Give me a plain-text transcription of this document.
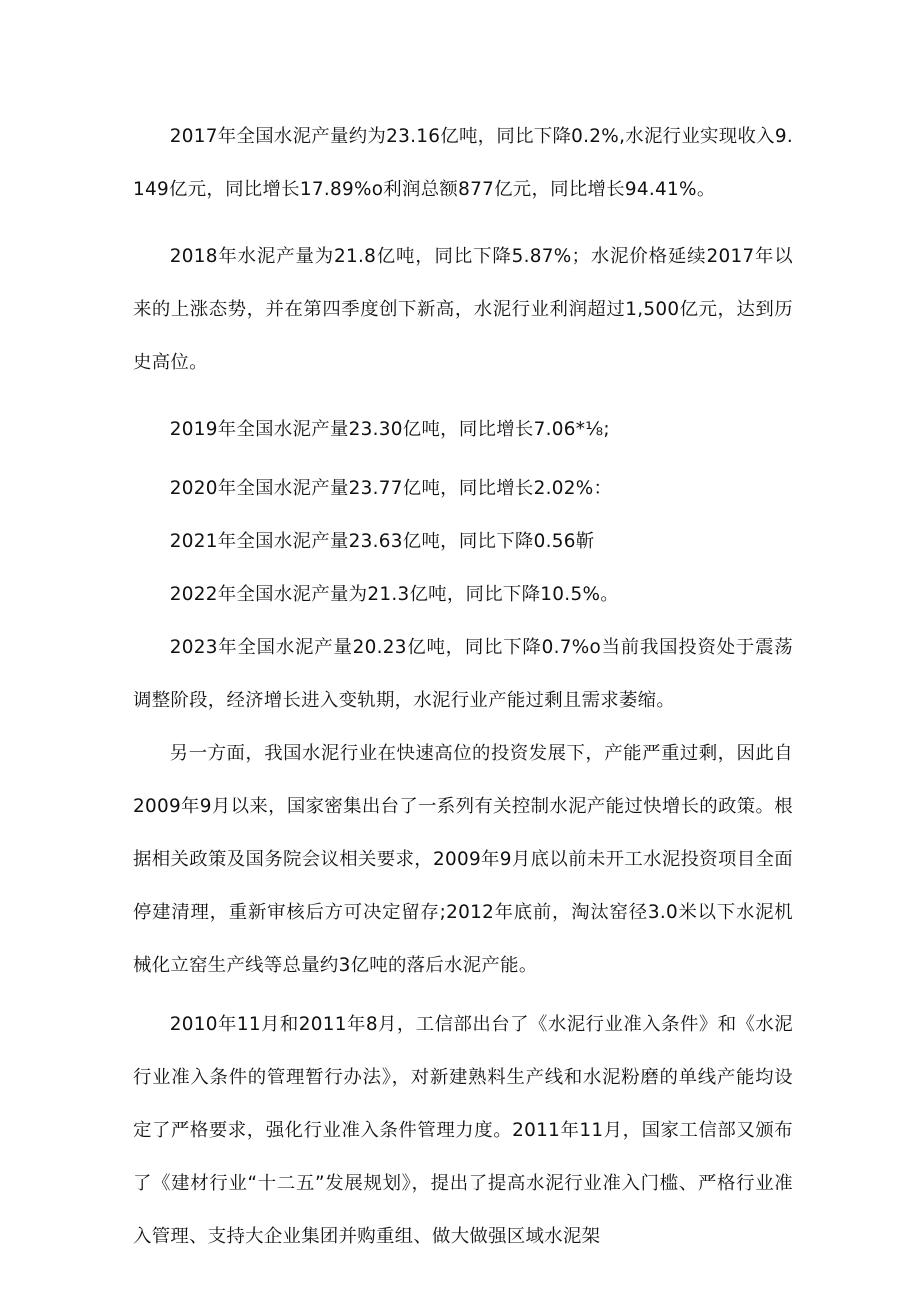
2017年全国水泥产量约为23.16亿吨，同比下降0.2%,水泥行业实现收入9.149亿元，同比增长17.89%o利润总额877亿元，同比增长94.41%。

2018年水泥产量为21.8亿吨，同比下降5.87%；水泥价格延续2017年以来的上涨态势，并在第四季度创下新高，水泥行业利润超过1,500亿元，达到历史高位。

2019年全国水泥产量23.30亿吨，同比增长7.06*⅛;

2020年全国水泥产量23.77亿吨，同比增长2.02%：

2021年全国水泥产量23.63亿吨，同比下降0.56靳

2022年全国水泥产量为21.3亿吨，同比下降10.5%。

2023年全国水泥产量20.23亿吨，同比下降0.7%o当前我国投资处于震荡调整阶段，经济增长进入变轨期，水泥行业产能过剩且需求萎缩。

另一方面，我国水泥行业在快速高位的投资发展下，产能严重过剩，因此自2009年9月以来，国家密集出台了一系列有关控制水泥产能过快增长的政策。根据相关政策及国务院会议相关要求，2009年9月底以前未开工水泥投资项目全面停建清理，重新审核后方可决定留存;2012年底前，淘汰窑径3.0米以下水泥机械化立窑生产线等总量约3亿吨的落后水泥产能。

2010年11月和2011年8月，工信部出台了《水泥行业准入条件》和《水泥行业准入条件的管理暂行办法》，对新建熟料生产线和水泥粉磨的单线产能均设定了严格要求，强化行业准入条件管理力度。2011年11月，国家工信部又颁布了《建材行业“十二五”发展规划》，提出了提高水泥行业准入门槛、严格行业准入管理、支持大企业集团并购重组、做大做强区域水泥架
